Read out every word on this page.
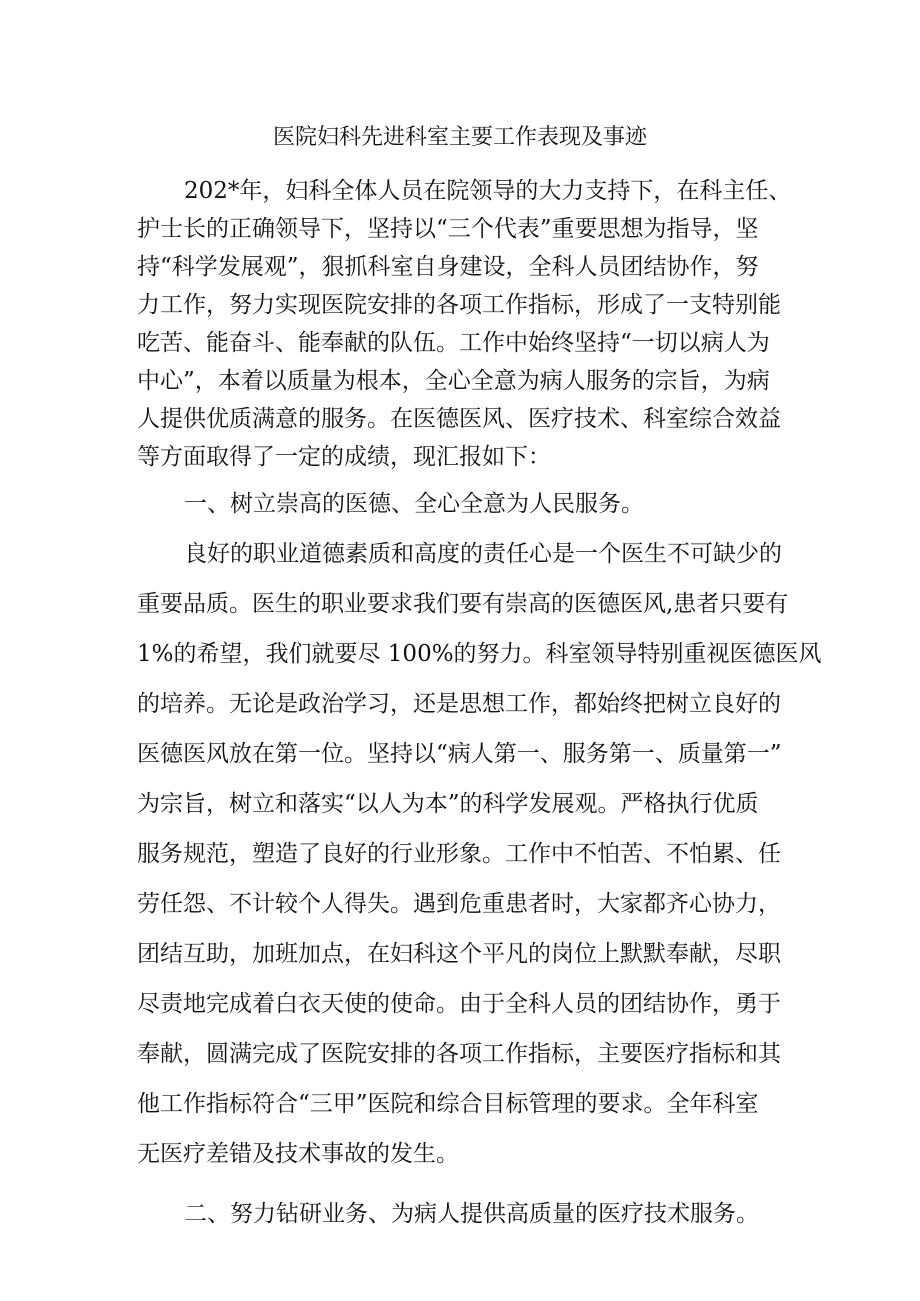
医院妇科先进科室主要工作表现及事迹

202*年，妇科全体人员在院领导的大力支持下，在科主任、

护士长的正确领导下，坚持以“三个代表”重要思想为指导，坚

持“科学发展观”，狠抓科室自身建设，全科人员团结协作，努

力工作，努力实现医院安排的各项工作指标，形成了一支特别能

吃苦、能奋斗、能奉献的队伍。工作中始终坚持“一切以病人为

中心”，本着以质量为根本，全心全意为病人服务的宗旨，为病

人提供优质满意的服务。在医德医风、医疗技术、科室综合效益

等方面取得了一定的成绩，现汇报如下：

一、树立崇高的医德、全心全意为人民服务。

良好的职业道德素质和高度的责任心是一个医生不可缺少的

重要品质。医生的职业要求我们要有崇高的医德医风,患者只要有

1%的希望，我们就要尽 100%的努力。科室领导特别重视医德医风

的培养。无论是政治学习，还是思想工作，都始终把树立良好的

医德医风放在第一位。坚持以“病人第一、服务第一、质量第一”

为宗旨，树立和落实“以人为本”的科学发展观。严格执行优质

服务规范，塑造了良好的行业形象。工作中不怕苦、不怕累、任

劳任怨、不计较个人得失。遇到危重患者时，大家都齐心协力，

团结互助，加班加点，在妇科这个平凡的岗位上默默奉献，尽职

尽责地完成着白衣天使的使命。由于全科人员的团结协作，勇于

奉献，圆满完成了医院安排的各项工作指标，主要医疗指标和其

他工作指标符合“三甲”医院和综合目标管理的要求。全年科室

无医疗差错及技术事故的发生。

二、努力钻研业务、为病人提供高质量的医疗技术服务。
